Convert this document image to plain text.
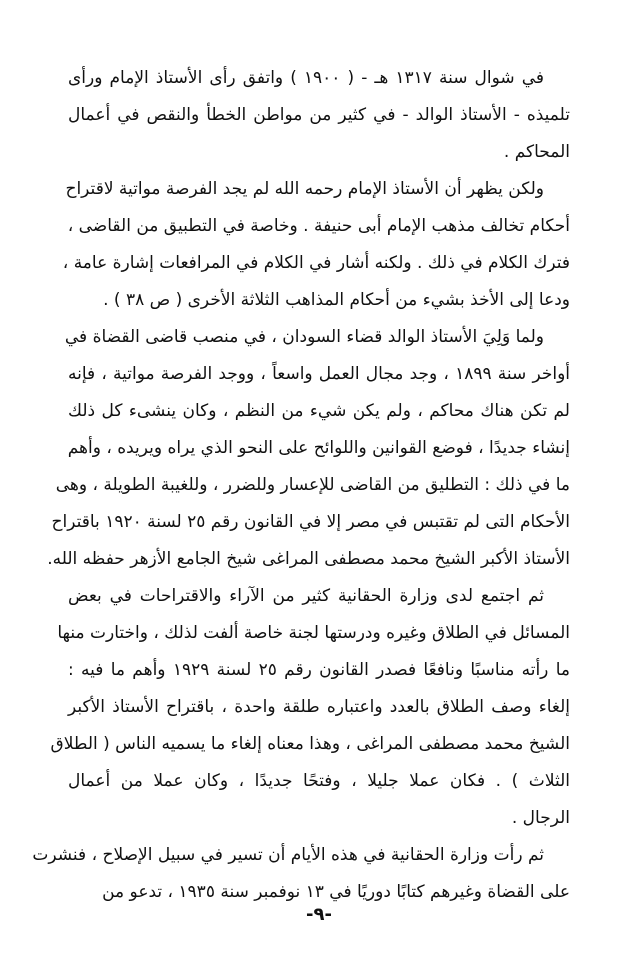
في شوال سنة ١٣١٧ هـ - ( ١٩٠٠ ) واتفق رأى الأستاذ الإمام ورأى
تلميذه - الأستاذ الوالد - في كثير من مواطن الخطأ والنقص في أعمال
المحاكم .
ولكن يظهر أن الأستاذ الإمام رحمه الله لم يجد الفرصة مواتية لاقتراح
أحكام تخالف مذهب الإمام أبى حنيفة . وخاصة في التطبيق من القاضى ،
فترك الكلام في ذلك . ولكنه أشار في الكلام في المرافعات إشارة عامة ،
ودعا إلى الأخذ بشيء من أحكام المذاهب الثلاثة الأخرى ( ص ٣٨ ) .
ولما وَلِيَ الأستاذ الوالد قضاء السودان ، في منصب قاضى القضاة في
أواخر سنة ١٨٩٩ ، وجد مجال العمل واسعاً ، ووجد الفرصة مواتية ، فإنه
لم تكن هناك محاكم ، ولم يكن شيء من النظم ، وكان ينشىء كل ذلك
إنشاء جديدًا ، فوضع القوانين واللوائح على النحو الذي يراه ويريده ، وأهم
ما في ذلك : التطليق من القاضى للإعسار وللضرر ، وللغيبة الطويلة ، وهى
الأحكام التى لم تقتبس في مصر إلا في القانون رقم ٢٥ لسنة ١٩٢٠ باقتراح
الأستاذ الأكبر الشيخ محمد مصطفى المراغى شيخ الجامع الأزهر حفظه الله.
ثم اجتمع لدى وزارة الحقانية كثير من الآراء والاقتراحات في بعض
المسائل في الطلاق وغيره ودرستها لجنة خاصة ألفت لذلك ، واختارت منها
ما رأته مناسبًا ونافعًا فصدر القانون رقم ٢٥ لسنة ١٩٢٩ وأهم ما فيه :
إلغاء وصف الطلاق بالعدد واعتباره طلقة واحدة ، باقتراح الأستاذ الأكبر
الشيخ محمد مصطفى المراغى ، وهذا معناه إلغاء ما يسميه الناس ( الطلاق
الثلاث ) . فكان عملا جليلا ، وفتحًا جديدًا ، وكان عملا من أعمال
الرجال .
ثم رأت وزارة الحقانية في هذه الأيام أن تسير في سبيل الإصلاح ، فنشرت
على القضاة وغيرهم كتابًا دوريًا في ١٣ نوفمبر سنة ١٩٣٥ ، تدعو من
-٩-
